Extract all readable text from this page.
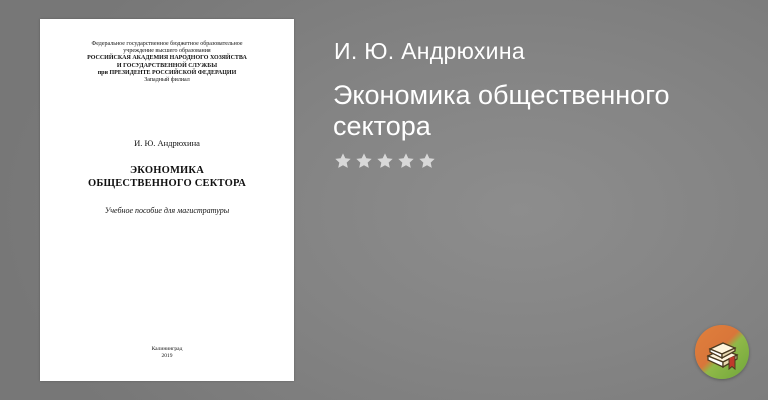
Федеральное государственное бюджетное образовательное
учреждение высшего образования
РОССИЙСКАЯ АКАДЕМИЯ НАРОДНОГО ХОЗЯЙСТВА
И ГОСУДАРСТВЕННОЙ СЛУЖБЫ
при ПРЕЗИДЕНТЕ РОССИЙСКОЙ ФЕДЕРАЦИИ
Западный филиал
И. Ю. Андрюхина
ЭКОНОМИКА
ОБЩЕСТВЕННОГО СЕКТОРА
Учебное пособие для магистратуры
Калининград
2019
И. Ю. Андрюхина
Экономика общественного сектора
